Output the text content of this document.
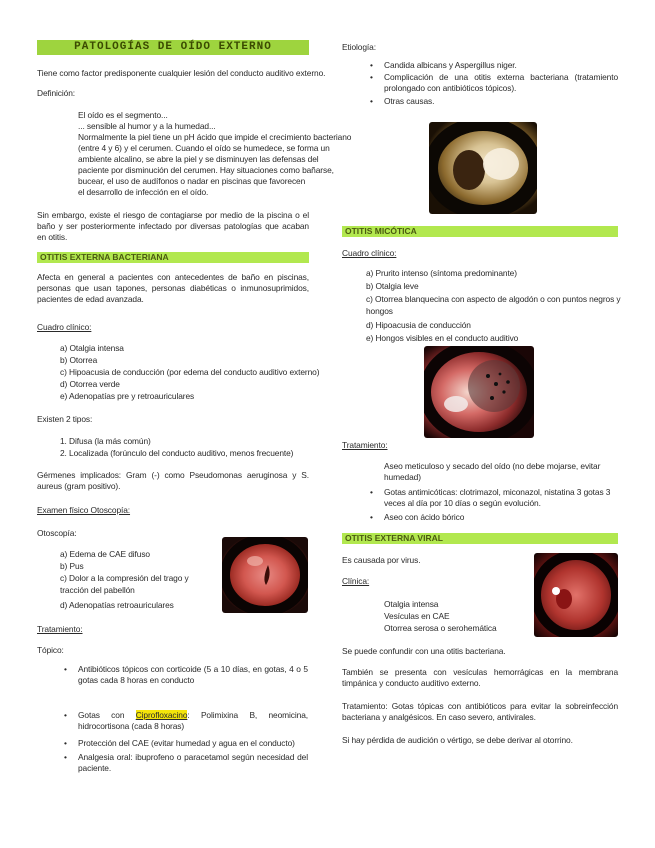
PATOLOGÍAS DE OÍDO EXTERNO
Tiene como factor predisponente cualquier lesión del conducto auditivo externo.
Definición:
El oído es el segmento...
... sensible al humor y a la humedad...
Normalmente la piel tiene un pH ácido que impide el crecimiento bacteriano
(entre 4 y 6) y el cerumen. Cuando el oído se humedece, se forma un
ambiente alcalino, se abre la piel y se disminuyen las defensas del
paciente por disminución del cerumen. Hay situaciones como bañarse,
bucear, el uso de audífonos o nadar en piscinas que favorecen
el desarrollo de infección en el oído.
Sin embargo, existe el riesgo de contagiarse por medio de la piscina o el baño y ser posteriormente infectado por diversas patologías que acaban en otitis.
OTITIS EXTERNA BACTERIANA
Afecta en general a pacientes con antecedentes de baño en piscinas, personas que usan tapones, personas diabéticas o inmunosuprimidos, pacientes de edad avanzada.
Cuadro clínico:
a) Otalgia intensa
b) Otorrea
c) Hipoacusia de conducción (por edema del conducto auditivo externo)
d) Otorrea verde
e) Adenopatías pre y retroauriculares
Existen 2 tipos:
1. Difusa (la más común)
2. Localizada (forúnculo del conducto auditivo, menos frecuente)
Gérmenes implicados: Gram (-) como Pseudomonas aeruginosa y S. aureus (gram positivo).
Examen físico Otoscopía:
Otoscopía:
a) Edema de CAE difuso
b) Pus
c) Dolor a la compresión del trago y
tracción del pabellón
d) Adenopatías retroauriculares
Tratamiento:
Tópico:
• Antibióticos tópicos con corticoide (5 a 10 días, en gotas, 4 o 5 gotas cada 8 horas en conducto
• Gotas con Ciprofloxacino: Polimixina B, neomicina, hidrocortisona (cada 8 horas)
• Protección del CAE (evitar humedad y agua en el conducto)
• Analgesia oral: ibuprofeno o paracetamol según necesidad del paciente.
Etiología:
• Candida albicans y Aspergillus niger.
• Complicación de una otitis externa bacteriana (tratamiento prolongado con antibióticos tópicos).
• Otras causas.
OTITIS MICÓTICA
Cuadro clínico:
a) Prurito intenso (síntoma predominante)
b) Otalgia leve
c) Otorrea blanquecina con aspecto de algodón o con puntos negros y
hongos
d) Hipoacusia de conducción
e) Hongos visibles en el conducto auditivo
Tratamiento:
Aseo meticuloso y secado del oído (no debe mojarse, evitar
humedad)
• Gotas antimicóticas: clotrimazol, miconazol, nistatina 3 gotas 3
veces al día por 10 días o según evolución.
• Aseo con ácido bórico
OTITIS EXTERNA VIRAL
Es causada por virus.
Clínica:
Otalgia intensa
Vesículas en CAE
Otorrea serosa o serohemática
Se puede confundir con una otitis bacteriana.
También se presenta con vesículas hemorrágicas en la membrana timpánica y conducto auditivo externo.
Tratamiento: Gotas tópicas con antibióticos para evitar la sobreinfección bacteriana y analgésicos. En caso severo, antivirales.
Si hay pérdida de audición o vértigo, se debe derivar al otorrino.
